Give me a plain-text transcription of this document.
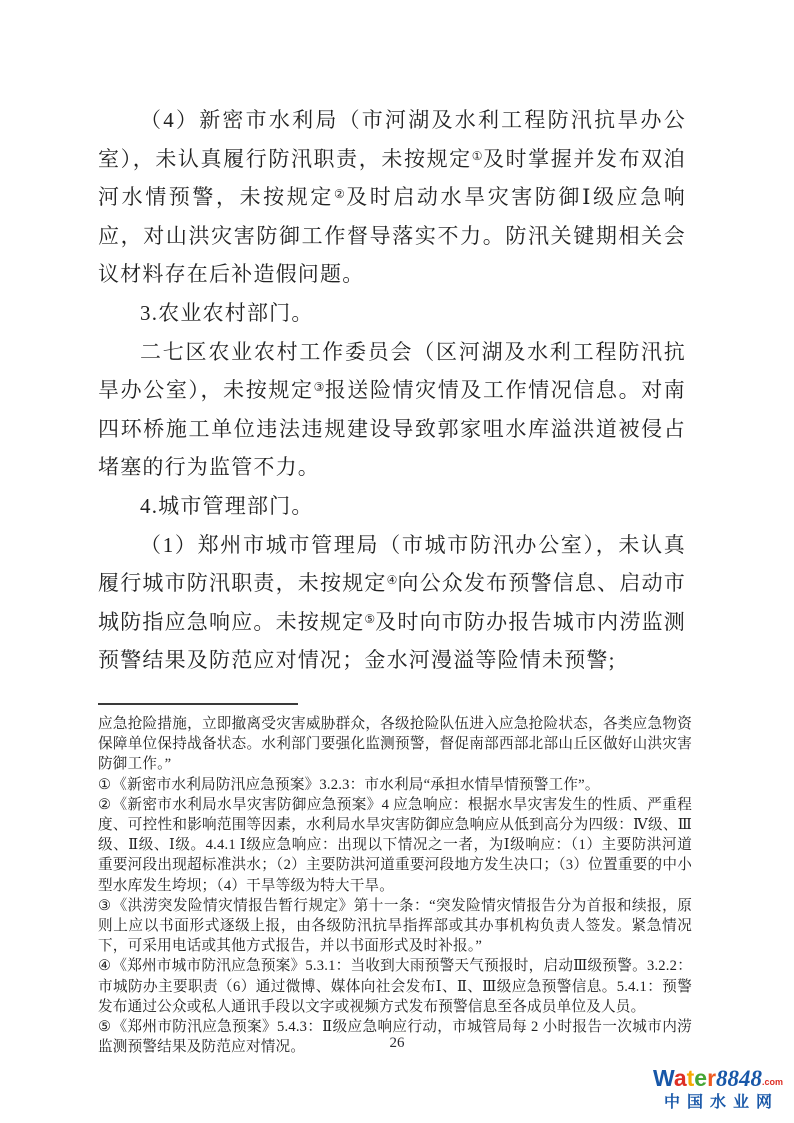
（4）新密市水利局（市河湖及水利工程防汛抗旱办公室），未认真履行防汛职责，未按规定①及时掌握并发布双洎河水情预警，未按规定②及时启动水旱灾害防御Ⅰ级应急响应，对山洪灾害防御工作督导落实不力。防汛关键期相关会议材料存在后补造假问题。

3.农业农村部门。

二七区农业农村工作委员会（区河湖及水利工程防汛抗旱办公室），未按规定③报送险情灾情及工作情况信息。对南四环桥施工单位违法违规建设导致郭家咀水库溢洪道被侵占堵塞的行为监管不力。

4.城市管理部门。

（1）郑州市城市管理局（市城市防汛办公室），未认真履行城市防汛职责，未按规定④向公众发布预警信息、启动市城防指应急响应。未按规定⑤及时向市防办报告城市内涝监测预警结果及防范应对情况；金水河漫溢等险情未预警;

应急抢险措施，立即撤离受灾害威胁群众，各级抢险队伍进入应急抢险状态，各类应急物资保障单位保持战备状态。水利部门要强化监测预警，督促南部西部北部山丘区做好山洪灾害防御工作。”

①《新密市水利局防汛应急预案》3.2.3：市水利局“承担水情旱情预警工作”。

②《新密市水利局水旱灾害防御应急预案》4 应急响应：根据水旱灾害发生的性质、严重程度、可控性和影响范围等因素，水利局水旱灾害防御应急响应从低到高分为四级：Ⅳ级、Ⅲ级、Ⅱ级、Ⅰ级。4.4.1 Ⅰ级应急响应：出现以下情况之一者，为Ⅰ级响应：（1）主要防洪河道重要河段出现超标准洪水；（2）主要防洪河道重要河段地方发生决口；（3）位置重要的中小型水库发生垮坝；（4）干旱等级为特大干旱。

③《洪涝突发险情灾情报告暂行规定》第十一条：“突发险情灾情报告分为首报和续报，原则上应以书面形式逐级上报，由各级防汛抗旱指挥部或其办事机构负责人签发。紧急情况下，可采用电话或其他方式报告，并以书面形式及时补报。”

④《郑州市城市防汛应急预案》5.3.1：当收到大雨预警天气预报时，启动Ⅲ级预警。3.2.2：市城防办主要职责（6）通过微博、媒体向社会发布Ⅰ、Ⅱ、Ⅲ级应急预警信息。5.4.1：预警发布通过公众或私人通讯手段以文字或视频方式发布预警信息至各成员单位及人员。

⑤《郑州市防汛应急预案》5.4.3：Ⅱ级应急响应行动，市城管局每 2 小时报告一次城市内涝监测预警结果及防范应对情况。	26
Water8848.com
中国水业网
